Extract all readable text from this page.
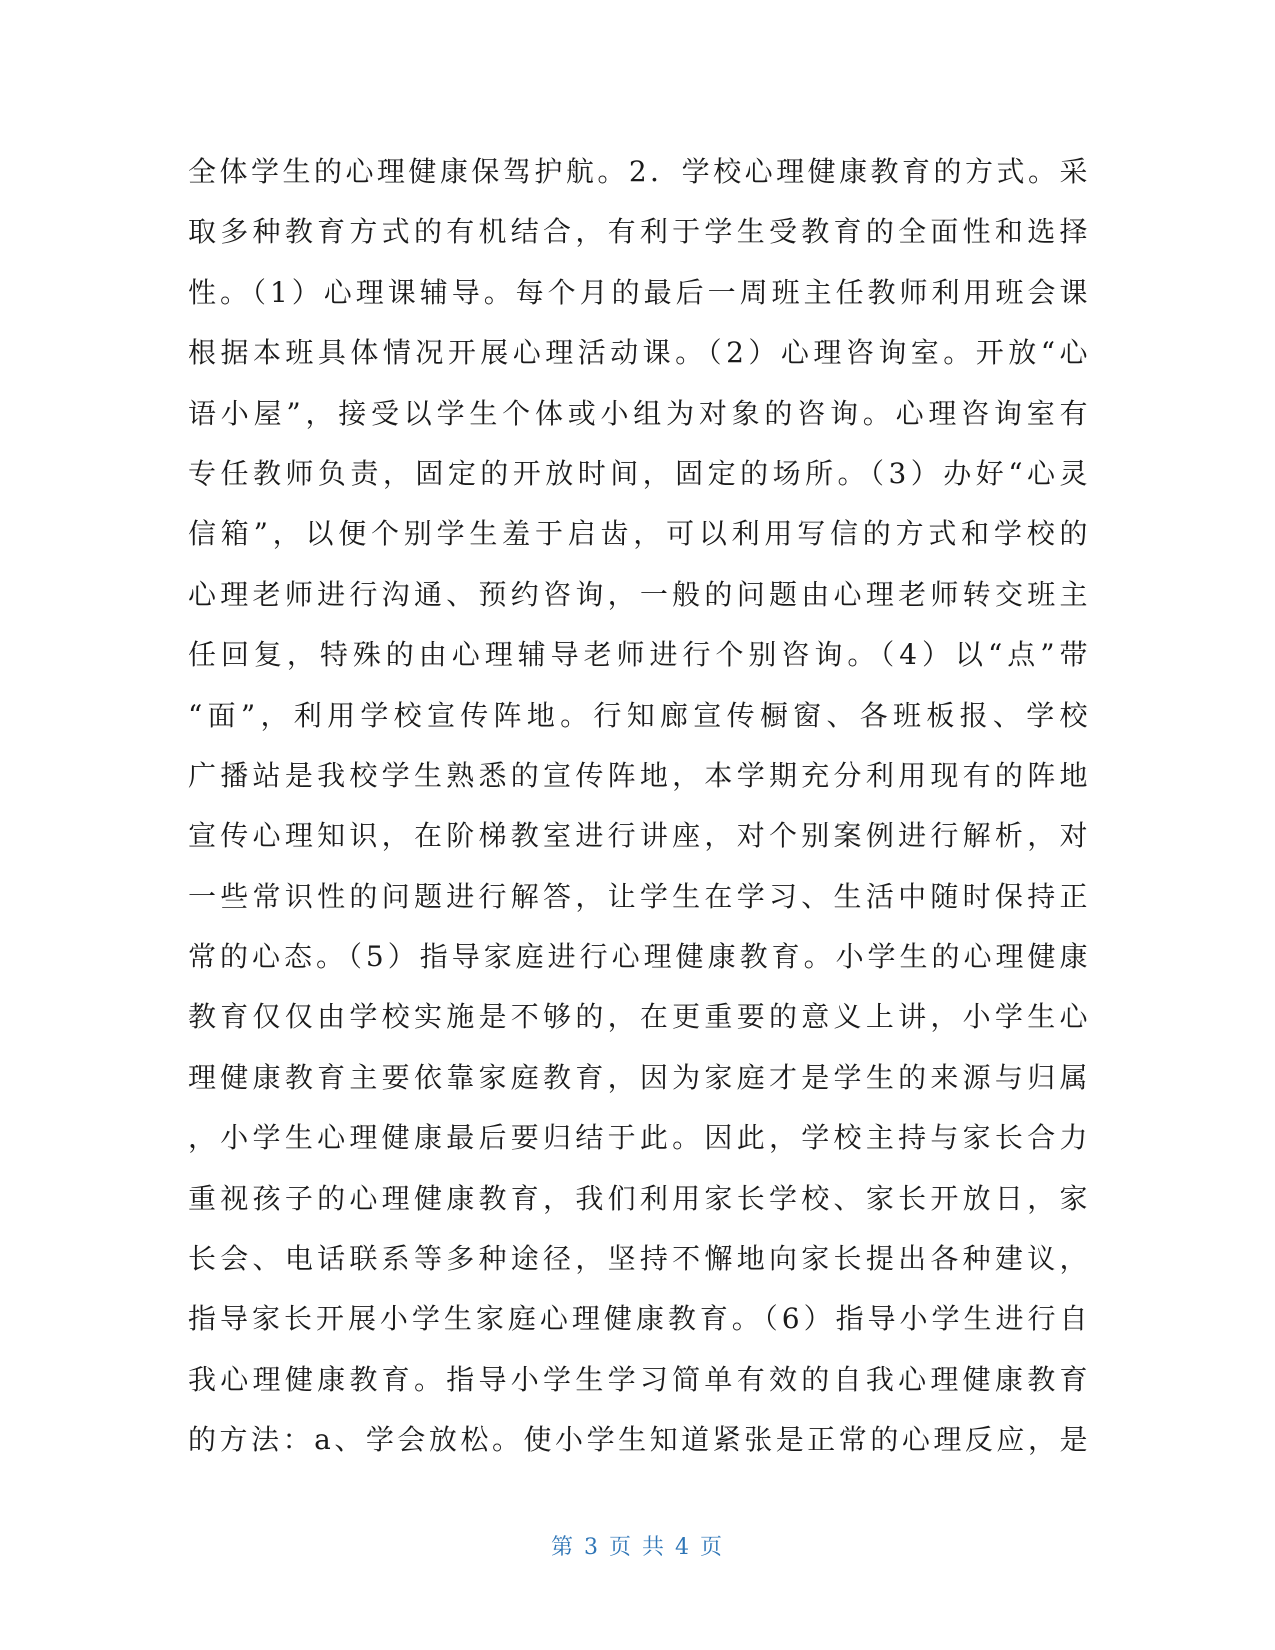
全体学生的心理健康保驾护航。2．学校心理健康教育的方式。采
取多种教育方式的有机结合，有利于学生受教育的全面性和选择
性。（1）心理课辅导。每个月的最后一周班主任教师利用班会课
根据本班具体情况开展心理活动课。（2）心理咨询室。开放“心
语小屋”，接受以学生个体或小组为对象的咨询。心理咨询室有
专任教师负责，固定的开放时间，固定的场所。（3）办好“心灵
信箱”，以便个别学生羞于启齿，可以利用写信的方式和学校的
心理老师进行沟通、预约咨询，一般的问题由心理老师转交班主
任回复，特殊的由心理辅导老师进行个别咨询。（4）以“点”带
“面”，利用学校宣传阵地。行知廊宣传橱窗、各班板报、学校
广播站是我校学生熟悉的宣传阵地，本学期充分利用现有的阵地
宣传心理知识，在阶梯教室进行讲座，对个别案例进行解析，对
一些常识性的问题进行解答，让学生在学习、生活中随时保持正
常的心态。（5）指导家庭进行心理健康教育。小学生的心理健康
教育仅仅由学校实施是不够的，在更重要的意义上讲，小学生心
理健康教育主要依靠家庭教育，因为家庭才是学生的来源与归属
，小学生心理健康最后要归结于此。因此，学校主持与家长合力
重视孩子的心理健康教育，我们利用家长学校、家长开放日，家
长会、电话联系等多种途径，坚持不懈地向家长提出各种建议，
指导家长开展小学生家庭心理健康教育。（6）指导小学生进行自
我心理健康教育。指导小学生学习简单有效的自我心理健康教育
的方法：a、学会放松。使小学生知道紧张是正常的心理反应，是
第 3 页 共 4 页
